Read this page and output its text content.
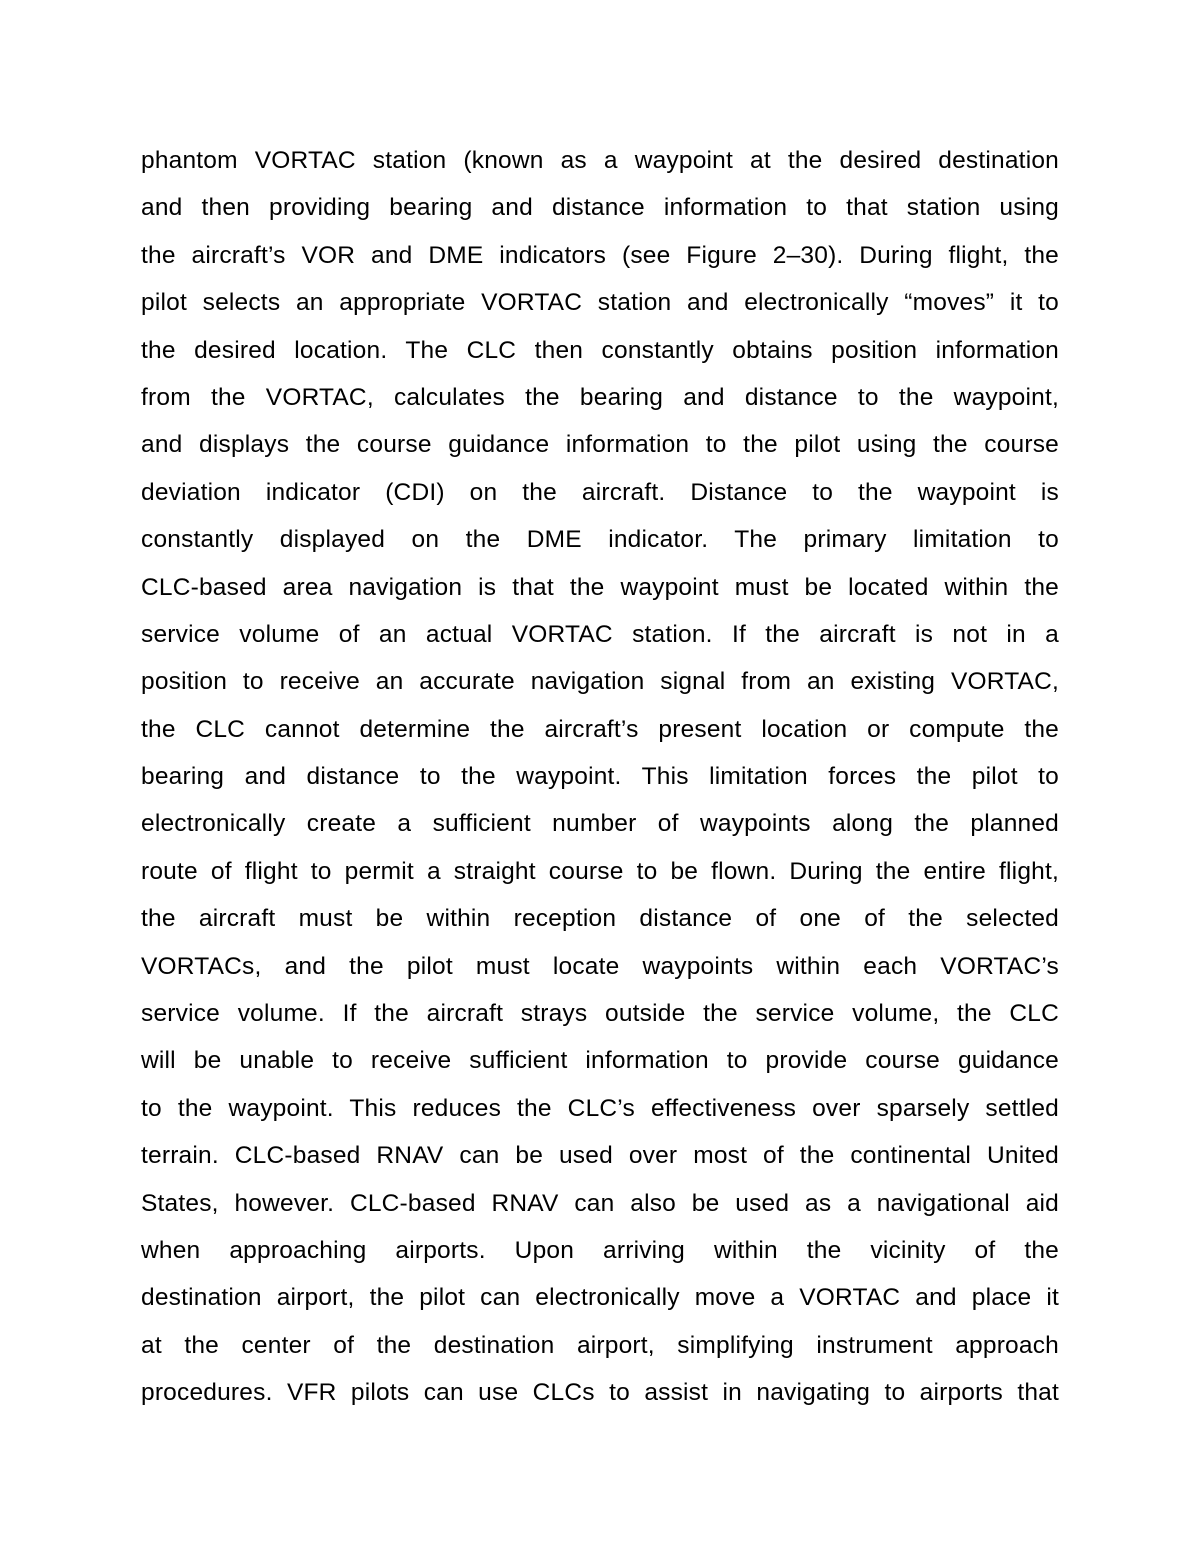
phantom VORTAC station (known as a waypoint at the desired destination
and then providing bearing and distance information to that station using
the aircraft’s VOR and DME indicators (see Figure 2–30). During flight, the
pilot selects an appropriate VORTAC station and electronically “moves” it to
the desired location. The CLC then constantly obtains position information
from the VORTAC, calculates the bearing and distance to the waypoint,
and displays the course guidance information to the pilot using the course
deviation indicator (CDI) on the aircraft. Distance to the waypoint is
constantly displayed on the DME indicator. The primary limitation to
CLC-based area navigation is that the waypoint must be located within the
service volume of an actual VORTAC station. If the aircraft is not in a
position to receive an accurate navigation signal from an existing VORTAC,
the CLC cannot determine the aircraft’s present location or compute the
bearing and distance to the waypoint. This limitation forces the pilot to
electronically create a sufficient number of waypoints along the planned
route of flight to permit a straight course to be flown. During the entire flight,
the aircraft must be within reception distance of one of the selected
VORTACs, and the pilot must locate waypoints within each VORTAC’s
service volume. If the aircraft strays outside the service volume, the CLC
will be unable to receive sufficient information to provide course guidance
to the waypoint. This reduces the CLC’s effectiveness over sparsely settled
terrain. CLC-based RNAV can be used over most of the continental United
States, however. CLC-based RNAV can also be used as a navigational aid
when approaching airports. Upon arriving within the vicinity of the
destination airport, the pilot can electronically move a VORTAC and place it
at the center of the destination airport, simplifying instrument approach
procedures. VFR pilots can use CLCs to assist in navigating to airports that
